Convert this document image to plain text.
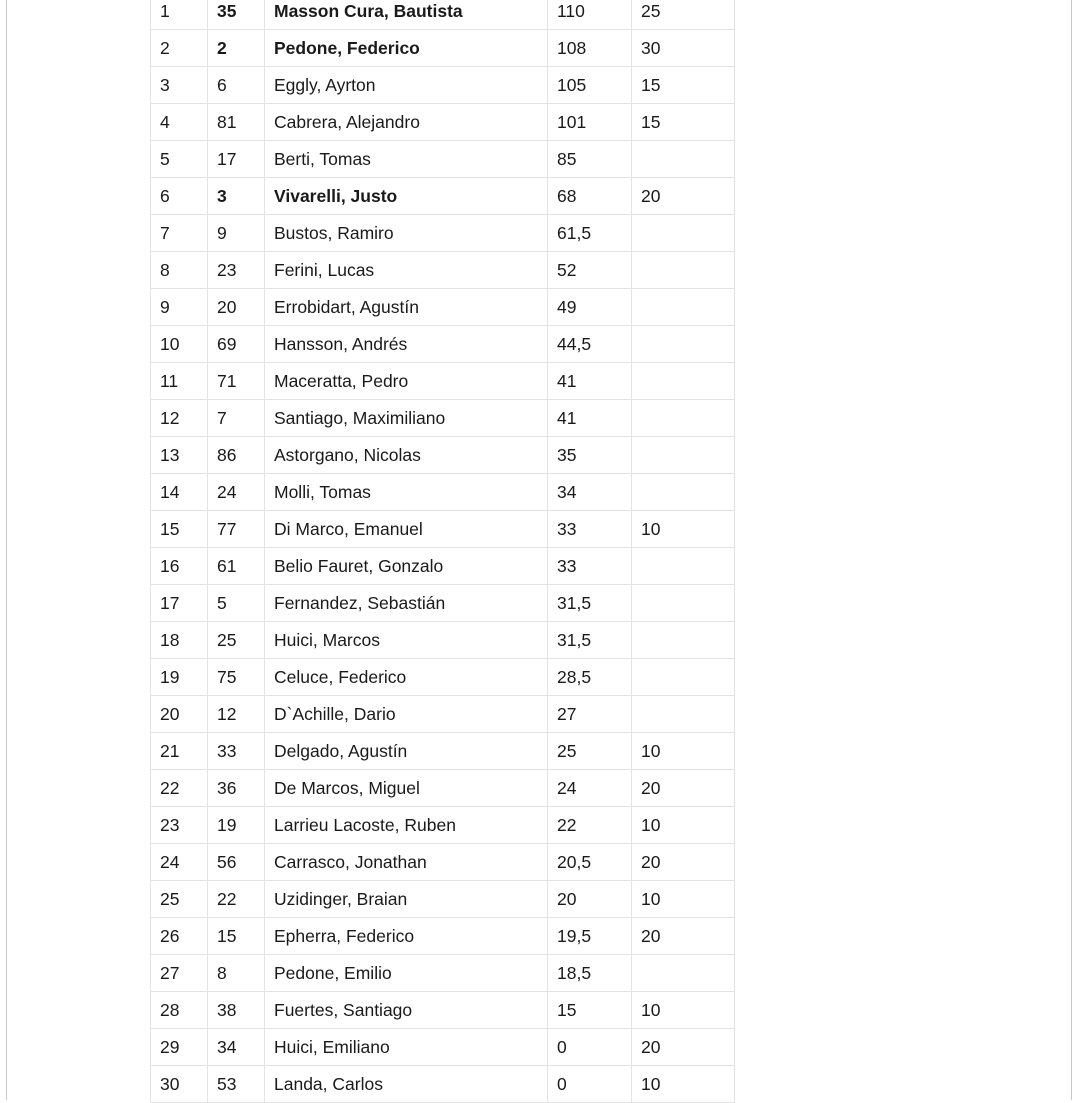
1	35	Masson Cura, Bautista	110	25
2	2	Pedone, Federico	108	30
3	6	Eggly, Ayrton	105	15
4	81	Cabrera, Alejandro	101	15
5	17	Berti, Tomas	85	
6	3	Vivarelli, Justo	68	20
7	9	Bustos, Ramiro	61,5	
8	23	Ferini, Lucas	52	
9	20	Errobidart, Agustín	49	
10	69	Hansson, Andrés	44,5	
11	71	Maceratta, Pedro	41	
12	7	Santiago, Maximiliano	41	
13	86	Astorgano, Nicolas	35	
14	24	Molli, Tomas	34	
15	77	Di Marco, Emanuel	33	10
16	61	Belio Fauret, Gonzalo	33	
17	5	Fernandez, Sebastián	31,5	
18	25	Huici, Marcos	31,5	
19	75	Celuce, Federico	28,5	
20	12	D`Achille, Dario	27	
21	33	Delgado, Agustín	25	10
22	36	De Marcos, Miguel	24	20
23	19	Larrieu Lacoste, Ruben	22	10
24	56	Carrasco, Jonathan	20,5	20
25	22	Uzidinger, Braian	20	10
26	15	Epherra, Federico	19,5	20
27	8	Pedone, Emilio	18,5	
28	38	Fuertes, Santiago	15	10
29	34	Huici, Emiliano	0	20
30	53	Landa, Carlos	0	10
